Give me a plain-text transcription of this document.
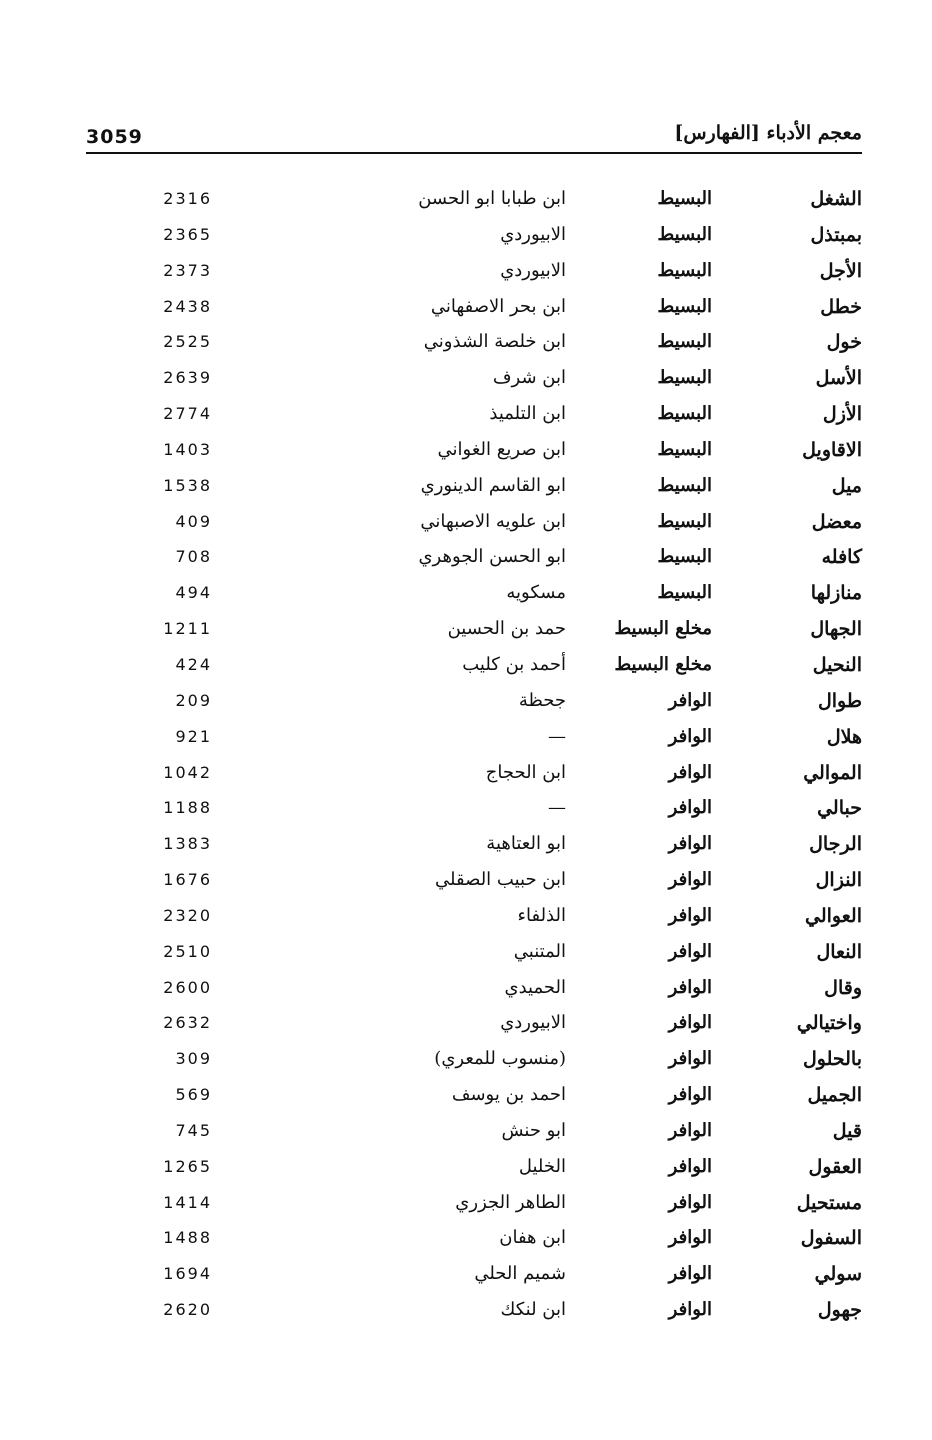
3059	معجم الأدباء [الفهارس]
الشغل
البسيط
ابن طبابا ابو الحسن
2316
بمبتذل
البسيط
الابيوردي
2365
الأجل
البسيط
الابيوردي
2373
خطل
البسيط
ابن بحر الاصفهاني
2438
خول
البسيط
ابن خلصة الشذوني
2525
الأسل
البسيط
ابن شرف
2639
الأزل
البسيط
ابن التلميذ
2774
الاقاويل
البسيط
ابن صريع الغواني
1403
ميل
البسيط
ابو القاسم الدينوري
1538
معضل
البسيط
ابن علويه الاصبهاني
409
كافله
البسيط
ابو الحسن الجوهري
708
منازلها
البسيط
مسكويه
494
الجهال
مخلع البسيط
حمد بن الحسين
1211
النحيل
مخلع البسيط
أحمد بن كليب
424
طوال
الوافر
جحظة
209
هلال
الوافر
—
921
الموالي
الوافر
ابن الحجاج
1042
حبالي
الوافر
—
1188
الرجال
الوافر
ابو العتاهية
1383
النزال
الوافر
ابن حبيب الصقلي
1676
العوالي
الوافر
الذلفاء
2320
النعال
الوافر
المتنبي
2510
وقال
الوافر
الحميدي
2600
واختيالي
الوافر
الابيوردي
2632
بالحلول
الوافر
(منسوب للمعري)
309
الجميل
الوافر
احمد بن يوسف
569
قيل
الوافر
ابو حنش
745
العقول
الوافر
الخليل
1265
مستحيل
الوافر
الطاهر الجزري
1414
السفول
الوافر
ابن هفان
1488
سولي
الوافر
شميم الحلي
1694
جهول
الوافر
ابن لنكك
2620
